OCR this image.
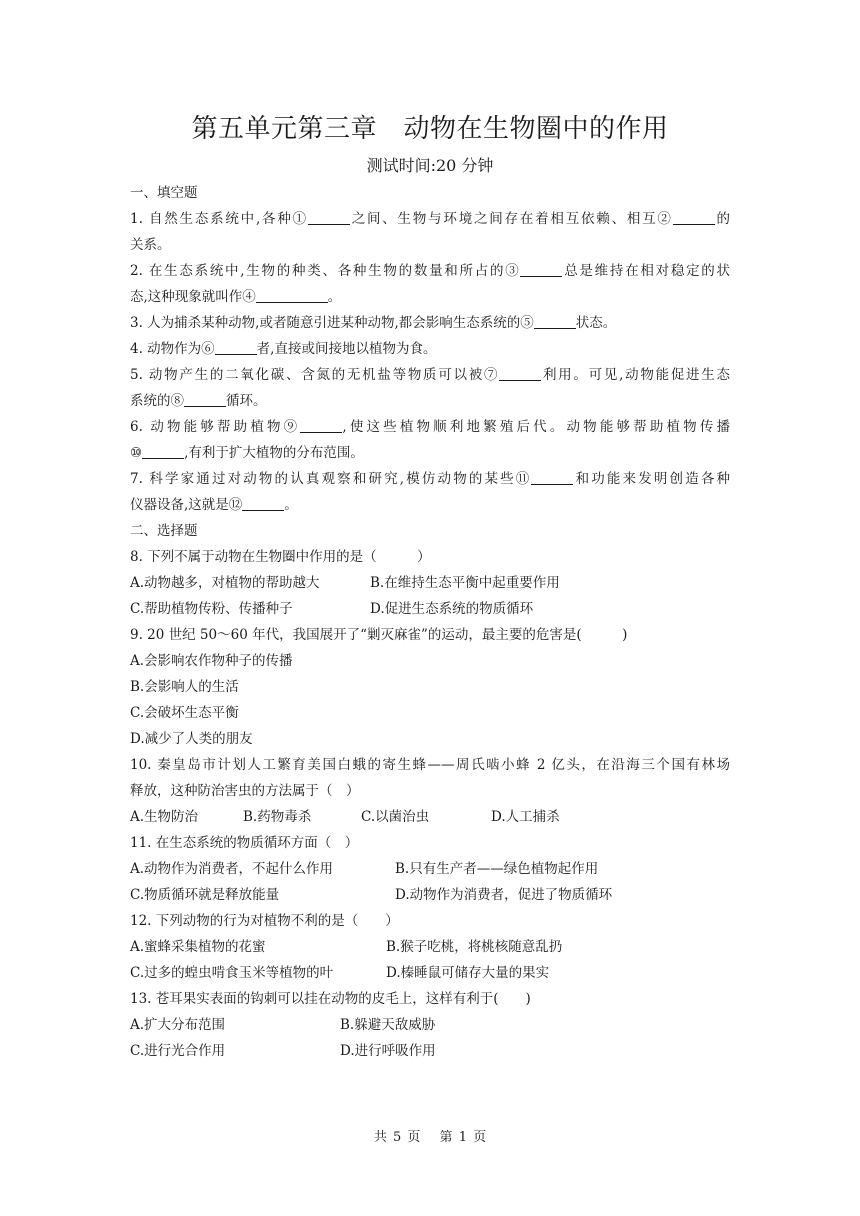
第五单元第三章　动物在生物圈中的作用
测试时间:20 分钟
一、填空题
1. 自然生态系统中,各种①	之间、生物与环境之间存在着相互依赖、相互②	的
关系。
2. 在生态系统中,生物的种类、各种生物的数量和所占的③	总是维持在相对稳定的状
态,这种现象就叫作④	。
3. 人为捕杀某种动物,或者随意引进某种动物,都会影响生态系统的⑤	状态。
4. 动物作为⑥	者,直接或间接地以植物为食。
5. 动物产生的二氧化碳、含氮的无机盐等物质可以被⑦	利用。可见,动物能促进生态
系统的⑧	循环。
6. 动物能够帮助植物⑨	,使这些植物顺利地繁殖后代。动物能够帮助植物传播
⑩	,有利于扩大植物的分布范围。
7. 科学家通过对动物的认真观察和研究,模仿动物的某些⑪	和功能来发明创造各种
仪器设备,这就是⑫	。
二、选择题
8. 下列不属于动物在生物圈中作用的是（　　　）
A.动物越多，对植物的帮助越大	B.在维持生态平衡中起重要作用
C.帮助植物传粉、传播种子	D.促进生态系统的物质循环
9. 20 世纪 50～60 年代，我国展开了“剿灭麻雀”的运动，最主要的危害是(　　　)
A.会影响农作物种子的传播
B.会影响人的生活
C.会破坏生态平衡
D.减少了人类的朋友
10. 秦皇岛市计划人工繁育美国白蛾的寄生蜂——周氏啮小蜂 2 亿头，在沿海三个国有林场
释放，这种防治害虫的方法属于（　）
A.生物防治	B.药物毒杀	C.以菌治虫	D.人工捕杀
11. 在生态系统的物质循环方面（　）
A.动物作为消费者，不起什么作用	B.只有生产者——绿色植物起作用
C.物质循环就是释放能量	D.动物作为消费者，促进了物质循环
12. 下列动物的行为对植物不利的是（　　）
A.蜜蜂采集植物的花蜜	B.猴子吃桃，将桃核随意乱扔
C.过多的蝗虫啃食玉米等植物的叶	D.榛睡鼠可储存大量的果实
13. 苍耳果实表面的钩刺可以挂在动物的皮毛上，这样有利于(　　)
A.扩大分布范围	B.躲避天敌威胁
C.进行光合作用	D.进行呼吸作用
共 5 页　 第 1 页
